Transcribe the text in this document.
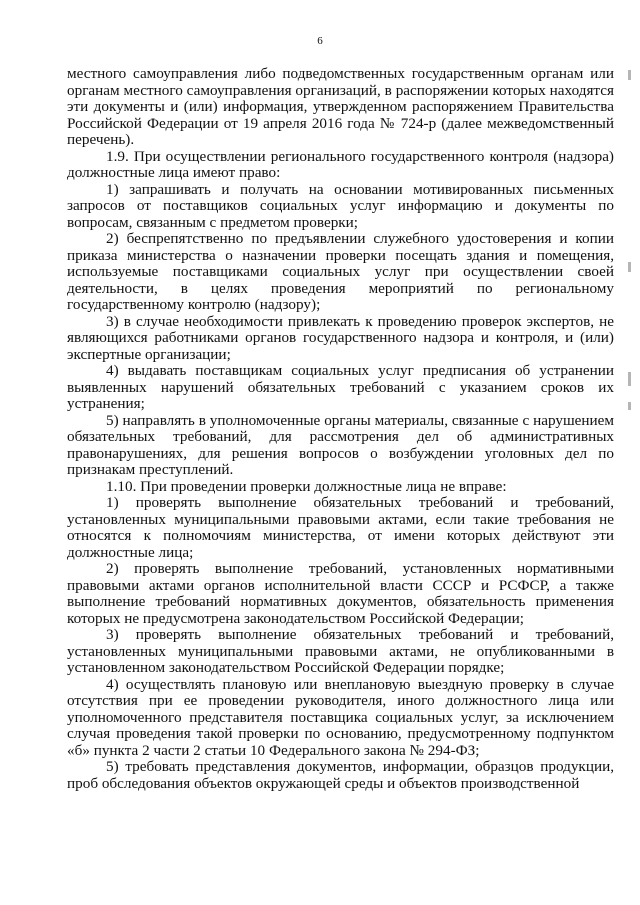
6

местного самоуправления либо подведомственных государственным органам или органам местного самоуправления организаций, в распоряжении которых находятся эти документы и (или) информация, утвержденном распоряжением Правительства Российской Федерации от 19 апреля 2016 года № 724-р (далее межведомственный перечень).

1.9. При осуществлении регионального государственного контроля (надзора) должностные лица имеют право:

1) запрашивать и получать на основании мотивированных письменных запросов от поставщиков социальных услуг информацию и документы по вопросам, связанным с предметом проверки;

2) беспрепятственно по предъявлении служебного удостоверения и копии приказа министерства о назначении проверки посещать здания и помещения, используемые поставщиками социальных услуг при осуществлении своей деятельности, в целях проведения мероприятий по региональному государственному контролю (надзору);

3) в случае необходимости привлекать к проведению проверок экспертов, не являющихся работниками органов государственного надзора и контроля, и (или) экспертные организации;

4) выдавать поставщикам социальных услуг предписания об устранении выявленных нарушений обязательных требований с указанием сроков их устранения;

5) направлять в уполномоченные органы материалы, связанные с нарушением обязательных требований, для рассмотрения дел об административных правонарушениях, для решения вопросов о возбуждении уголовных дел по признакам преступлений.

1.10. При проведении проверки должностные лица не вправе:

1) проверять выполнение обязательных требований и требований, установленных муниципальными правовыми актами, если такие требования не относятся к полномочиям министерства, от имени которых действуют эти должностные лица;

2) проверять выполнение требований, установленных нормативными правовыми актами органов исполнительной власти СССР и РСФСР, а также выполнение требований нормативных документов, обязательность применения которых не предусмотрена законодательством Российской Федерации;

3) проверять выполнение обязательных требований и требований, установленных муниципальными правовыми актами, не опубликованными в установленном законодательством Российской Федерации порядке;

4) осуществлять плановую или внеплановую выездную проверку в случае отсутствия при ее проведении руководителя, иного должностного лица или уполномоченного представителя поставщика социальных услуг, за исключением случая проведения такой проверки по основанию, предусмотренному подпунктом «б» пункта 2 части 2 статьи 10 Федерального закона № 294-ФЗ;

5) требовать представления документов, информации, образцов продукции, проб обследования объектов окружающей среды и объектов производственной
